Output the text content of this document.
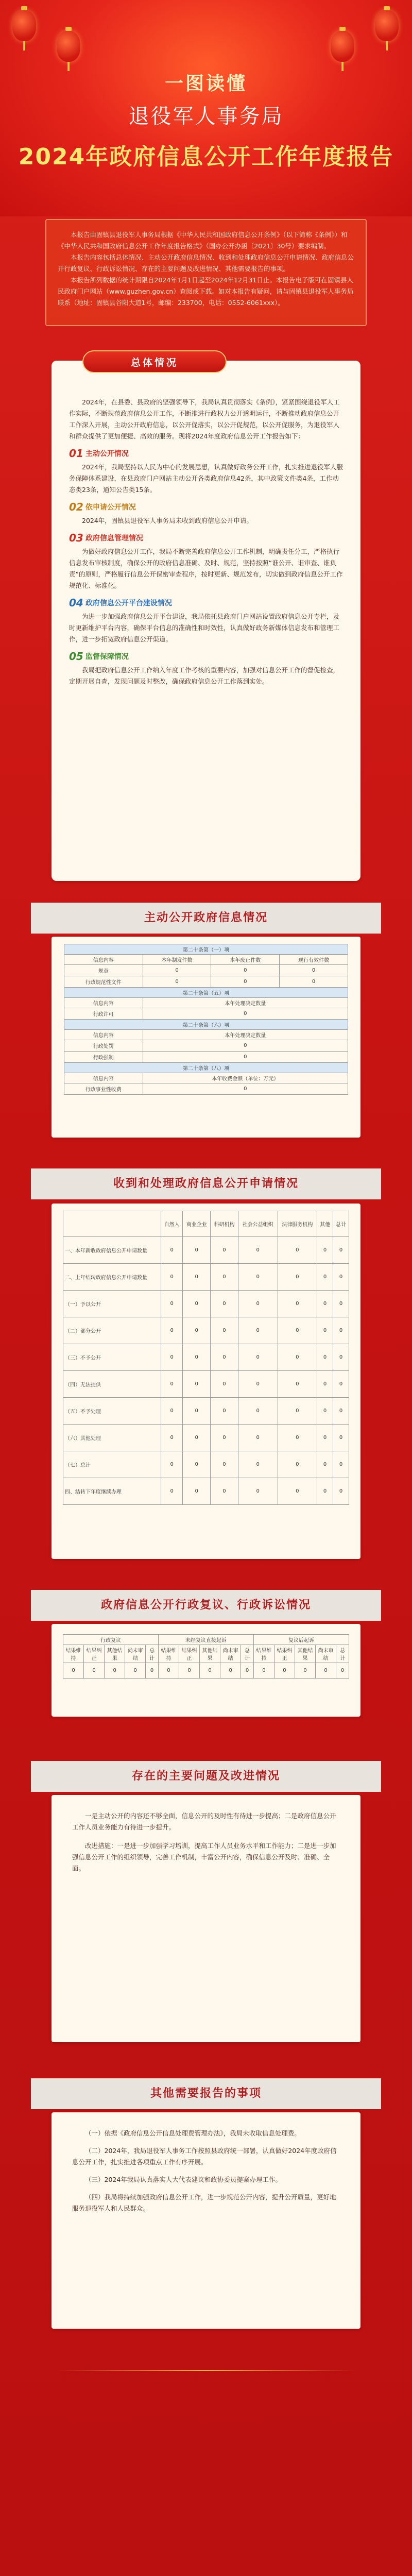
一图读懂
退役军人事务局
2024年政府信息公开工作年度报告

本报告由固镇县退役军人事务局根据《中华人民共和国政府信息公开条例》（以下简称《条例》）和《中华人民共和国政府信息公开工作年度报告格式》（国办公开办函〔2021〕30号）要求编制。

本报告内容包括总体情况、主动公开政府信息情况、收到和处理政府信息公开申请情况、政府信息公开行政复议、行政诉讼情况、存在的主要问题及改进情况、其他需要报告的事项。

本报告所列数据的统计期限自2024年1月1日起至2024年12月31日止。本报告电子版可在固镇县人民政府门户网站（www.guzhen.gov.cn）查阅或下载。如对本报告有疑问，请与固镇县退役军人事务局联系（地址：固镇县谷阳大道1号，邮编：233700，电话：0552-6061xxx）。

2024年，在县委、县政府的坚强领导下，我局认真贯彻落实《条例》，紧紧围绕退役军人工作实际，不断规范政府信息公开工作，不断推进行政权力公开透明运行，不断推动政府信息公开工作深入开展，主动公开政府信息，以公开促落实，以公开促规范，以公开促服务，为退役军人和群众提供了更加便捷、高效的服务。现将2024年度政府信息公开工作报告如下：

01 主动公开情况

2024年，我局坚持以人民为中心的发展思想，认真做好政务公开工作，扎实推进退役军人服务保障体系建设，在县政府门户网站主动公开各类政府信息42条，其中政策文件类4条，工作动态类23条，通知公告类15条。

02 依申请公开情况

2024年，固镇县退役军人事务局未收到政府信息公开申请。

03 政府信息管理情况

为做好政府信息公开工作，我局不断完善政府信息公开工作机制，明确责任分工，严格执行信息发布审核制度，确保公开的政府信息准确、及时、规范，坚持按照“谁公开、谁审查、谁负责”的原则，严格履行信息公开保密审查程序，按时更新、规范发布，切实做到政府信息公开工作规范化、标准化。

04 政府信息公开平台建设情况

为进一步加强政府信息公开平台建设，我局依托县政府门户网站设置政府信息公开专栏，及时更新维护平台内容，确保平台信息的准确性和时效性，认真做好政务新媒体信息发布和管理工作，进一步拓宽政府信息公开渠道。

05 监督保障情况

我局把政府信息公开工作纳入年度工作考核的重要内容，加强对信息公开工作的督促检查，定期开展自查，发现问题及时整改，确保政府信息公开工作落到实处。

总体情况
主动公开政府信息情况
第二十条第（一）项			
信息内容	本年制发件数	本年废止件数	现行有效件数
规章	0	0	0
行政规范性文件	0	0	0
第二十条第（五）项			
信息内容	本年处理决定数量		
行政许可	0		
第二十条第（六）项			
信息内容	本年处理决定数量		
行政处罚	0		
行政强制	0		
第二十条第（八）项			
信息内容	本年收费金额（单位：万元）		
行政事业性收费	0		
收到和处理政府信息公开申请情况
	自然人	商业企业	科研机构	社会公益组织	法律服务机构	其他	总计
一、本年新收政府信息公开申请数量	0	0	0	0	0	0	0
二、上年结转政府信息公开申请数量	0	0	0	0	0	0	0
（一）予以公开	0	0	0	0	0	0	0
（二）部分公开	0	0	0	0	0	0	0
（三）不予公开	0	0	0	0	0	0	0
（四）无法提供	0	0	0	0	0	0	0
（五）不予处理	0	0	0	0	0	0	0
（六）其他处理	0	0	0	0	0	0	0
（七）总计	0	0	0	0	0	0	0
四、结转下年度继续办理	0	0	0	0	0	0	0
政府信息公开行政复议、行政诉讼情况
行政复议					未经复议直接起诉					复议后起诉				
结果维持	结果纠正	其他结果	尚未审结	总计	结果维持	结果纠正	其他结果	尚未审结	总计	结果维持	结果纠正	其他结果	尚未审结	总计
0	0	0	0	0	0	0	0	0	0	0	0	0	0	0
存在的主要问题及改进情况

一是主动公开的内容还不够全面，信息公开的及时性有待进一步提高；二是政府信息公开工作人员业务能力有待进一步提升。

改进措施：一是进一步加强学习培训，提高工作人员业务水平和工作能力；二是进一步加强信息公开工作的组织领导，完善工作机制，丰富公开内容，确保信息公开及时、准确、全面。

其他需要报告的事项

（一）依据《政府信息公开信息处理费管理办法》，我局未收取信息处理费。

（二）2024年，我局退役军人事务工作按照县政府统一部署，认真做好2024年度政府信息公开工作，扎实推进各项重点工作有序开展。

（三）2024年我局认真落实人大代表建议和政协委员提案办理工作。

（四）我局将持续加强政府信息公开工作，进一步规范公开内容，提升公开质量，更好地服务退役军人和人民群众。
